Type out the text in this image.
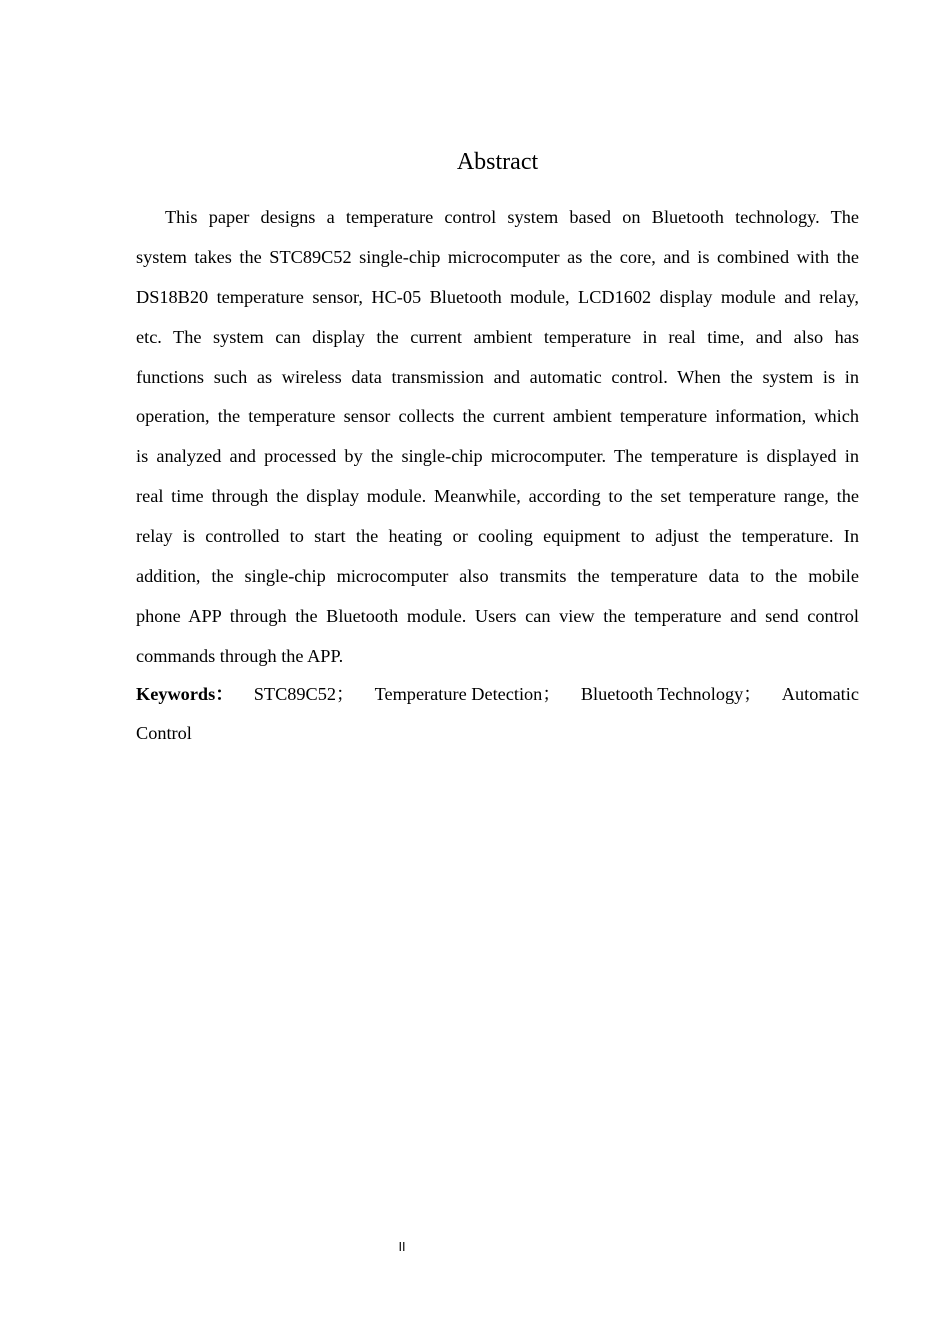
Abstract
This paper designs a temperature control system based on Bluetooth technology. The
system takes the STC89C52 single-chip microcomputer as the core, and is combined with the
DS18B20 temperature sensor, HC-05 Bluetooth module, LCD1602 display module and relay,
etc. The system can display the current ambient temperature in real time, and also has
functions such as wireless data transmission and automatic control. When the system is in
operation, the temperature sensor collects the current ambient temperature information, which
is analyzed and processed by the single-chip microcomputer. The temperature is displayed in
real time through the display module. Meanwhile, according to the set temperature range, the
relay is controlled to start the heating or cooling equipment to adjust the temperature. In
addition, the single-chip microcomputer also transmits the temperature data to the mobile
phone APP through the Bluetooth module. Users can view the temperature and send control
commands through the APP.
Keywords： STC89C52； Temperature Detection； Bluetooth Technology； Automatic
Control
II
